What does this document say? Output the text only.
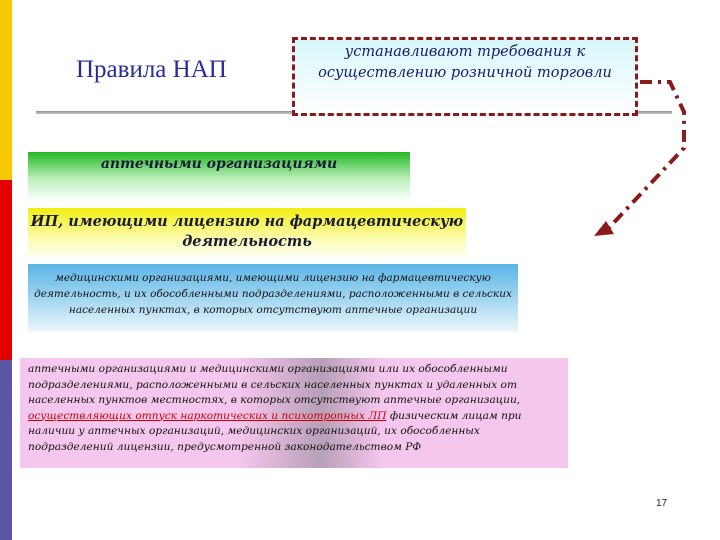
Правила НАП
устанавливают требования к осуществлению розничной торговли
аптечными организациями
ИП, имеющими лицензию на фармацевтическую деятельность
медицинскими организациями, имеющими лицензию на фармацевтическую деятельность, и их обособленными подразделениями, расположенными в сельских населенных пунктах, в которых отсутствуют аптечные организации
аптечными организациями и медицинскими организациями или их обособленными подразделениями, расположенными в сельских населенных пунктах и удаленных от населенных пунктов местностях, в которых отсутствуют аптечные организации, осуществляющих отпуск наркотических и психотропных ЛП физическим лицам при наличии у аптечных организаций, медицинских организаций, их обособленных подразделений лицензии, предусмотренной законодательством РФ
17
